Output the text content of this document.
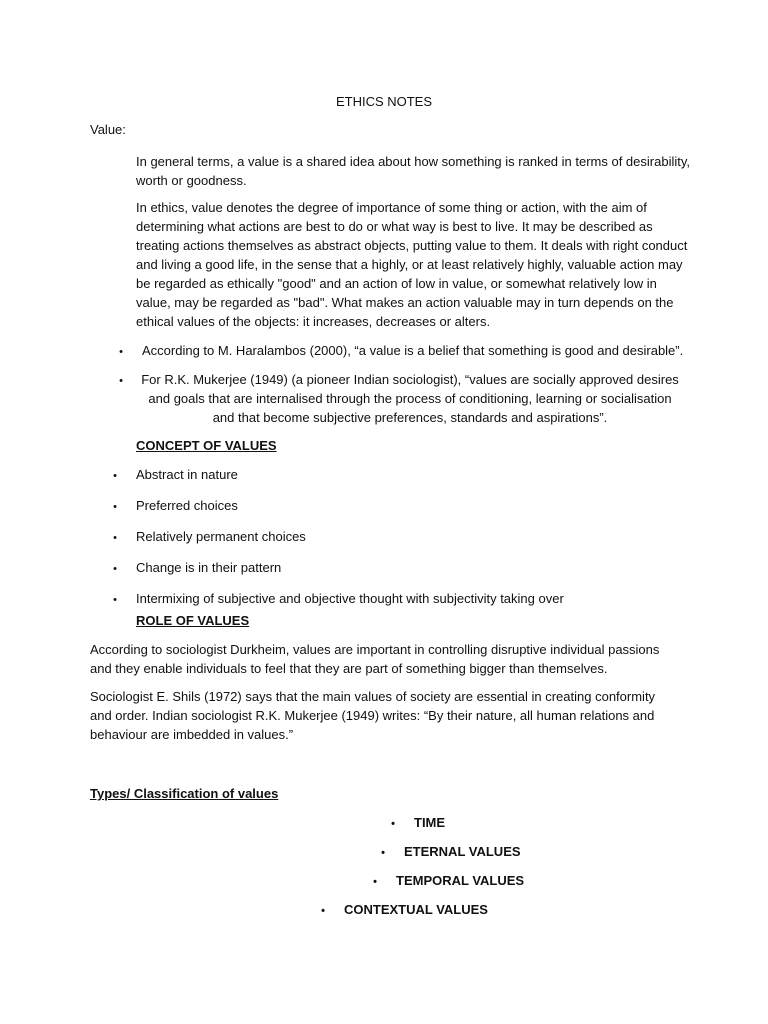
ETHICS NOTES
Value:
In general terms, a value is a shared idea about how something is ranked in terms of desirability, worth or goodness.
In ethics, value denotes the degree of importance of some thing or action, with the aim of determining what actions are best to do or what way is best to live. It may be described as treating actions themselves as abstract objects, putting value to them. It deals with right conduct and living a good life, in the sense that a highly, or at least relatively highly, valuable action may be regarded as ethically "good" and an action of low in value, or somewhat relatively low in value, may be regarded as "bad". What makes an action valuable may in turn depends on the ethical values of the objects: it increases, decreases or alters.
•	According to M. Haralambos (2000), “a value is a belief that something is good and desirable”.
•	For R.K. Mukerjee (1949) (a pioneer Indian sociologist), “values are socially approved desires and goals that are internalised through the process of conditioning, learning or socialisation and that become subjective preferences, standards and aspirations”.
CONCEPT OF VALUES
•	Abstract in nature
•	Preferred choices
•	Relatively permanent choices
•	Change is in their pattern
•	Intermixing of subjective and objective thought with subjectivity taking over
ROLE OF VALUES
According to sociologist Durkheim, values are important in controlling disruptive individual passions and they enable individuals to feel that they are part of something bigger than themselves.
Sociologist E. Shils (1972) says that the main values of society are essential in creating conformity and order. Indian sociologist R.K. Mukerjee (1949) writes: “By their nature, all human relations and behaviour are imbedded in values.”
Types/ Classification of values
•	TIME
•	ETERNAL VALUES
•	TEMPORAL VALUES
•	CONTEXTUAL VALUES
